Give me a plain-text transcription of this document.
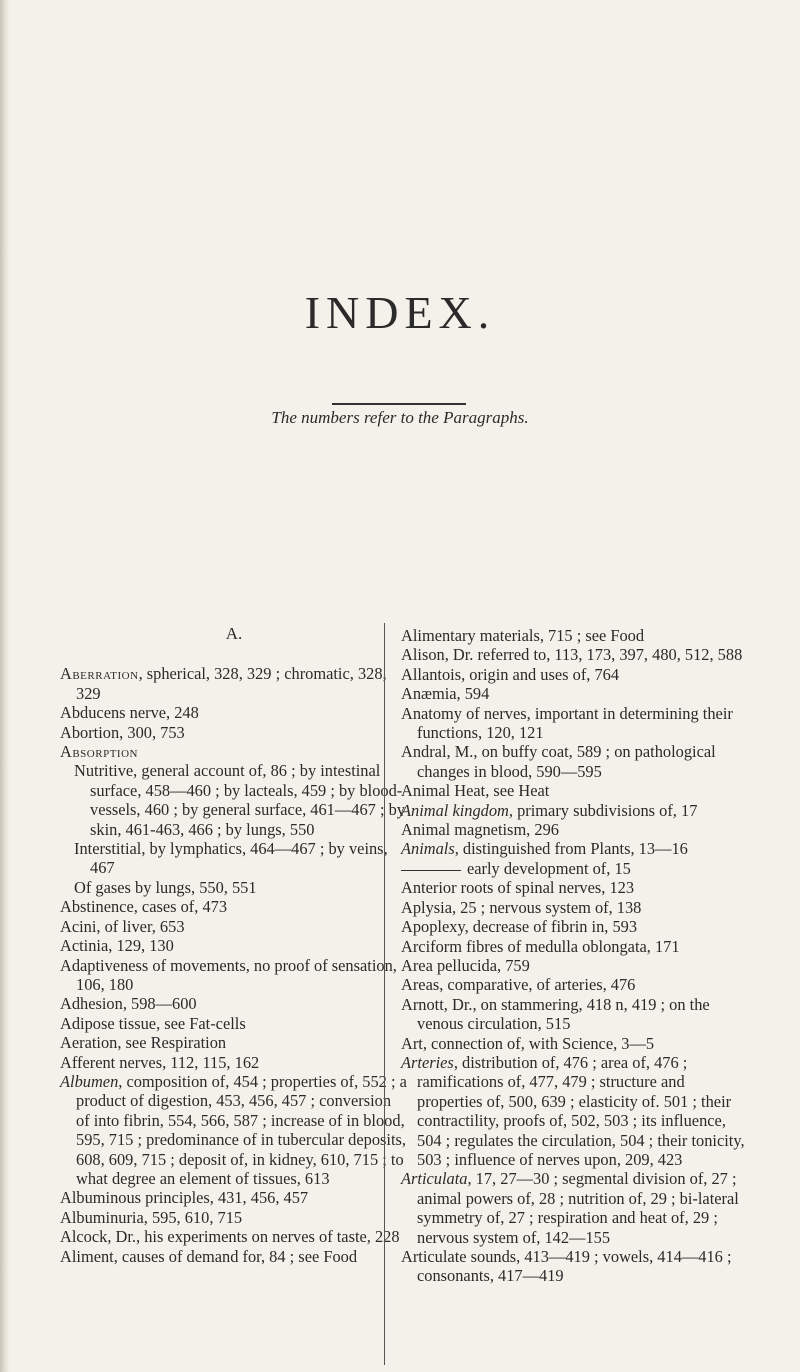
INDEX.
The numbers refer to the Paragraphs.

A.

Aberration, spherical, 328, 329 ; chromatic, 328, 329

Abducens nerve, 248

Abortion, 300, 753

Absorption

Nutritive, general account of, 86 ; by intestinal surface, 458—460 ; by lacteals, 459 ; by blood-vessels, 460 ; by general surface, 461—467 ; by skin, 461-463, 466 ; by lungs, 550

Interstitial, by lymphatics, 464—467 ; by veins, 467

Of gases by lungs, 550, 551

Abstinence, cases of, 473

Acini, of liver, 653

Actinia, 129, 130

Adaptiveness of movements, no proof of sensation, 106, 180

Adhesion, 598—600

Adipose tissue, see Fat-cells

Aeration, see Respiration

Afferent nerves, 112, 115, 162

Albumen, composition of, 454 ; properties of, 552 ; a product of digestion, 453, 456, 457 ; conversion of into fibrin, 554, 566, 587 ; increase of in blood, 595, 715 ; predominance of in tubercular deposits, 608, 609, 715 ; deposit of, in kidney, 610, 715 ; to what degree an element of tissues, 613

Albuminous principles, 431, 456, 457

Albuminuria, 595, 610, 715

Alcock, Dr., his experiments on nerves of taste, 228

Aliment, causes of demand for, 84 ; see Food

Alimentary materials, 715 ; see Food

Alison, Dr. referred to, 113, 173, 397, 480, 512, 588

Allantois, origin and uses of, 764

Anæmia, 594

Anatomy of nerves, important in determining their functions, 120, 121

Andral, M., on buffy coat, 589 ; on pathological changes in blood, 590—595

Animal Heat, see Heat

Animal kingdom, primary subdivisions of, 17

Animal magnetism, 296

Animals, distinguished from Plants, 13—16

early development of, 15

Anterior roots of spinal nerves, 123

Aplysia, 25 ; nervous system of, 138

Apoplexy, decrease of fibrin in, 593

Arciform fibres of medulla oblongata, 171

Area pellucida, 759

Areas, comparative, of arteries, 476

Arnott, Dr., on stammering, 418 n, 419 ; on the venous circulation, 515

Art, connection of, with Science, 3—5

Arteries, distribution of, 476 ; area of, 476 ; ramifications of, 477, 479 ; structure and properties of, 500, 639 ; elasticity of. 501 ; their contractility, proofs of, 502, 503 ; its influence, 504 ; regulates the circulation, 504 ; their tonicity, 503 ; influence of nerves upon, 209, 423

Articulata, 17, 27—30 ; segmental division of, 27 ; animal powers of, 28 ; nutrition of, 29 ; bi-lateral symmetry of, 27 ; respiration and heat of, 29 ; nervous system of, 142—155

Articulate sounds, 413—419 ; vowels, 414—416 ; consonants, 417—419
